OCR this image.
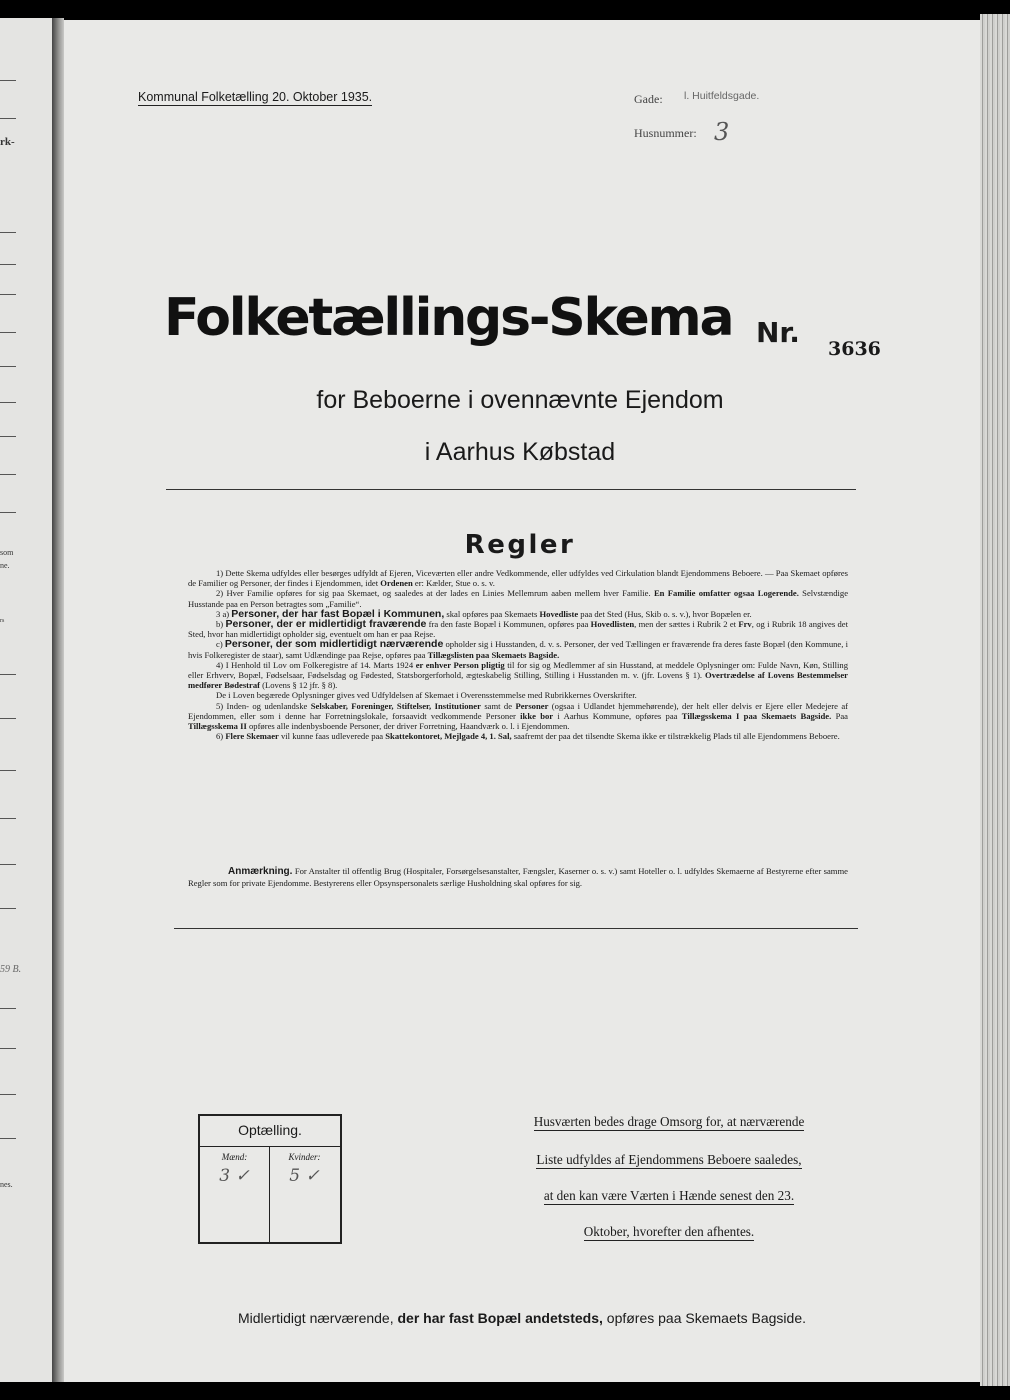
rk-
som
ne.
rs
59 B.
nes.
Kommunal Folketælling 20. Oktober 1935.	Gade: l. Huitfeldsgade.
Husnummer: 3
Folketællings-Skema Nr. 3636
for Beboerne i ovennævnte Ejendom
i Aarhus Købstad
Regler

1) Dette Skema udfyldes eller besørges udfyldt af Ejeren, Viceværten eller andre Vedkommende, eller udfyldes ved Cirkulation blandt Ejendommens Beboere. — Paa Skemaet opføres de Familier og Personer, der findes i Ejendommen, idet Ordenen er: Kælder, Stue o. s. v.

2) Hver Familie opføres for sig paa Skemaet, og saaledes at der lades en Linies Mellemrum aaben mellem hver Familie. En Familie omfatter ogsaa Logerende. Selvstændige Husstande paa en Person betragtes som „Familie“.

3 a) Personer, der har fast Bopæl i Kommunen, skal opføres paa Skemaets Hovedliste paa det Sted (Hus, Skib o. s. v.), hvor Bopælen er.

b) Personer, der er midlertidigt fraværende fra den faste Bopæl i Kommunen, opføres paa Hovedlisten, men der sættes i Rubrik 2 et Frv, og i Rubrik 18 angives det Sted, hvor han midlertidigt opholder sig, eventuelt om han er paa Rejse.

c) Personer, der som midlertidigt nærværende opholder sig i Husstanden, d. v. s. Personer, der ved Tællingen er fraværende fra deres faste Bopæl (den Kommune, i hvis Folkeregister de staar), samt Udlændinge paa Rejse, opføres paa Tillægslisten paa Skemaets Bagside.

4) I Henhold til Lov om Folkeregistre af 14. Marts 1924 er enhver Person pligtig til for sig og Medlemmer af sin Husstand, at meddele Oplysninger om: Fulde Navn, Køn, Stilling eller Erhverv, Bopæl, Fødselsaar, Fødselsdag og Fødested, Statsborgerforhold, ægteskabelig Stilling, Stilling i Husstanden m. v. (jfr. Lovens § 1). Overtrædelse af Lovens Bestemmelser medfører Bødestraf (Lovens § 12 jfr. § 8).

De i Loven begærede Oplysninger gives ved Udfyldelsen af Skemaet i Overensstemmelse med Rubrikkernes Overskrifter.

5) Inden- og udenlandske Selskaber, Foreninger, Stiftelser, Institutioner samt de Personer (ogsaa i Udlandet hjemmehørende), der helt eller delvis er Ejere eller Medejere af Ejendommen, eller som i denne har Forretningslokale, forsaavidt vedkommende Personer ikke bor i Aarhus Kommune, opføres paa Tillægsskema I paa Skemaets Bagside. Paa Tillægsskema II opføres alle indenbysboende Personer, der driver Forretning, Haandværk o. l. i Ejendommen.

6) Flere Skemaer vil kunne faas udleverede paa Skattekontoret, Mejlgade 4, 1. Sal, saafremt der paa det tilsendte Skema ikke er tilstrækkelig Plads til alle Ejendommens Beboere.

Anmærkning. For Anstalter til offentlig Brug (Hospitaler, Forsørgelsesanstalter, Fængsler, Kaserner o. s. v.) samt Hoteller o. l. udfyldes Skemaerne af Bestyrerne efter samme Regler som for private Ejendomme. Bestyrerens eller Opsynspersonalets særlige Husholdning skal opføres for sig.

Optælling.
Mænd:	Kvinder:
3 ✓	5 ✓
Husværten bedes drage Omsorg for, at nærværende
Liste udfyldes af Ejendommens Beboere saaledes,
at den kan være Værten i Hænde senest den 23.
Oktober, hvorefter den afhentes.
Midlertidigt nærværende, der har fast Bopæl andetsteds, opføres paa Skemaets Bagside.
